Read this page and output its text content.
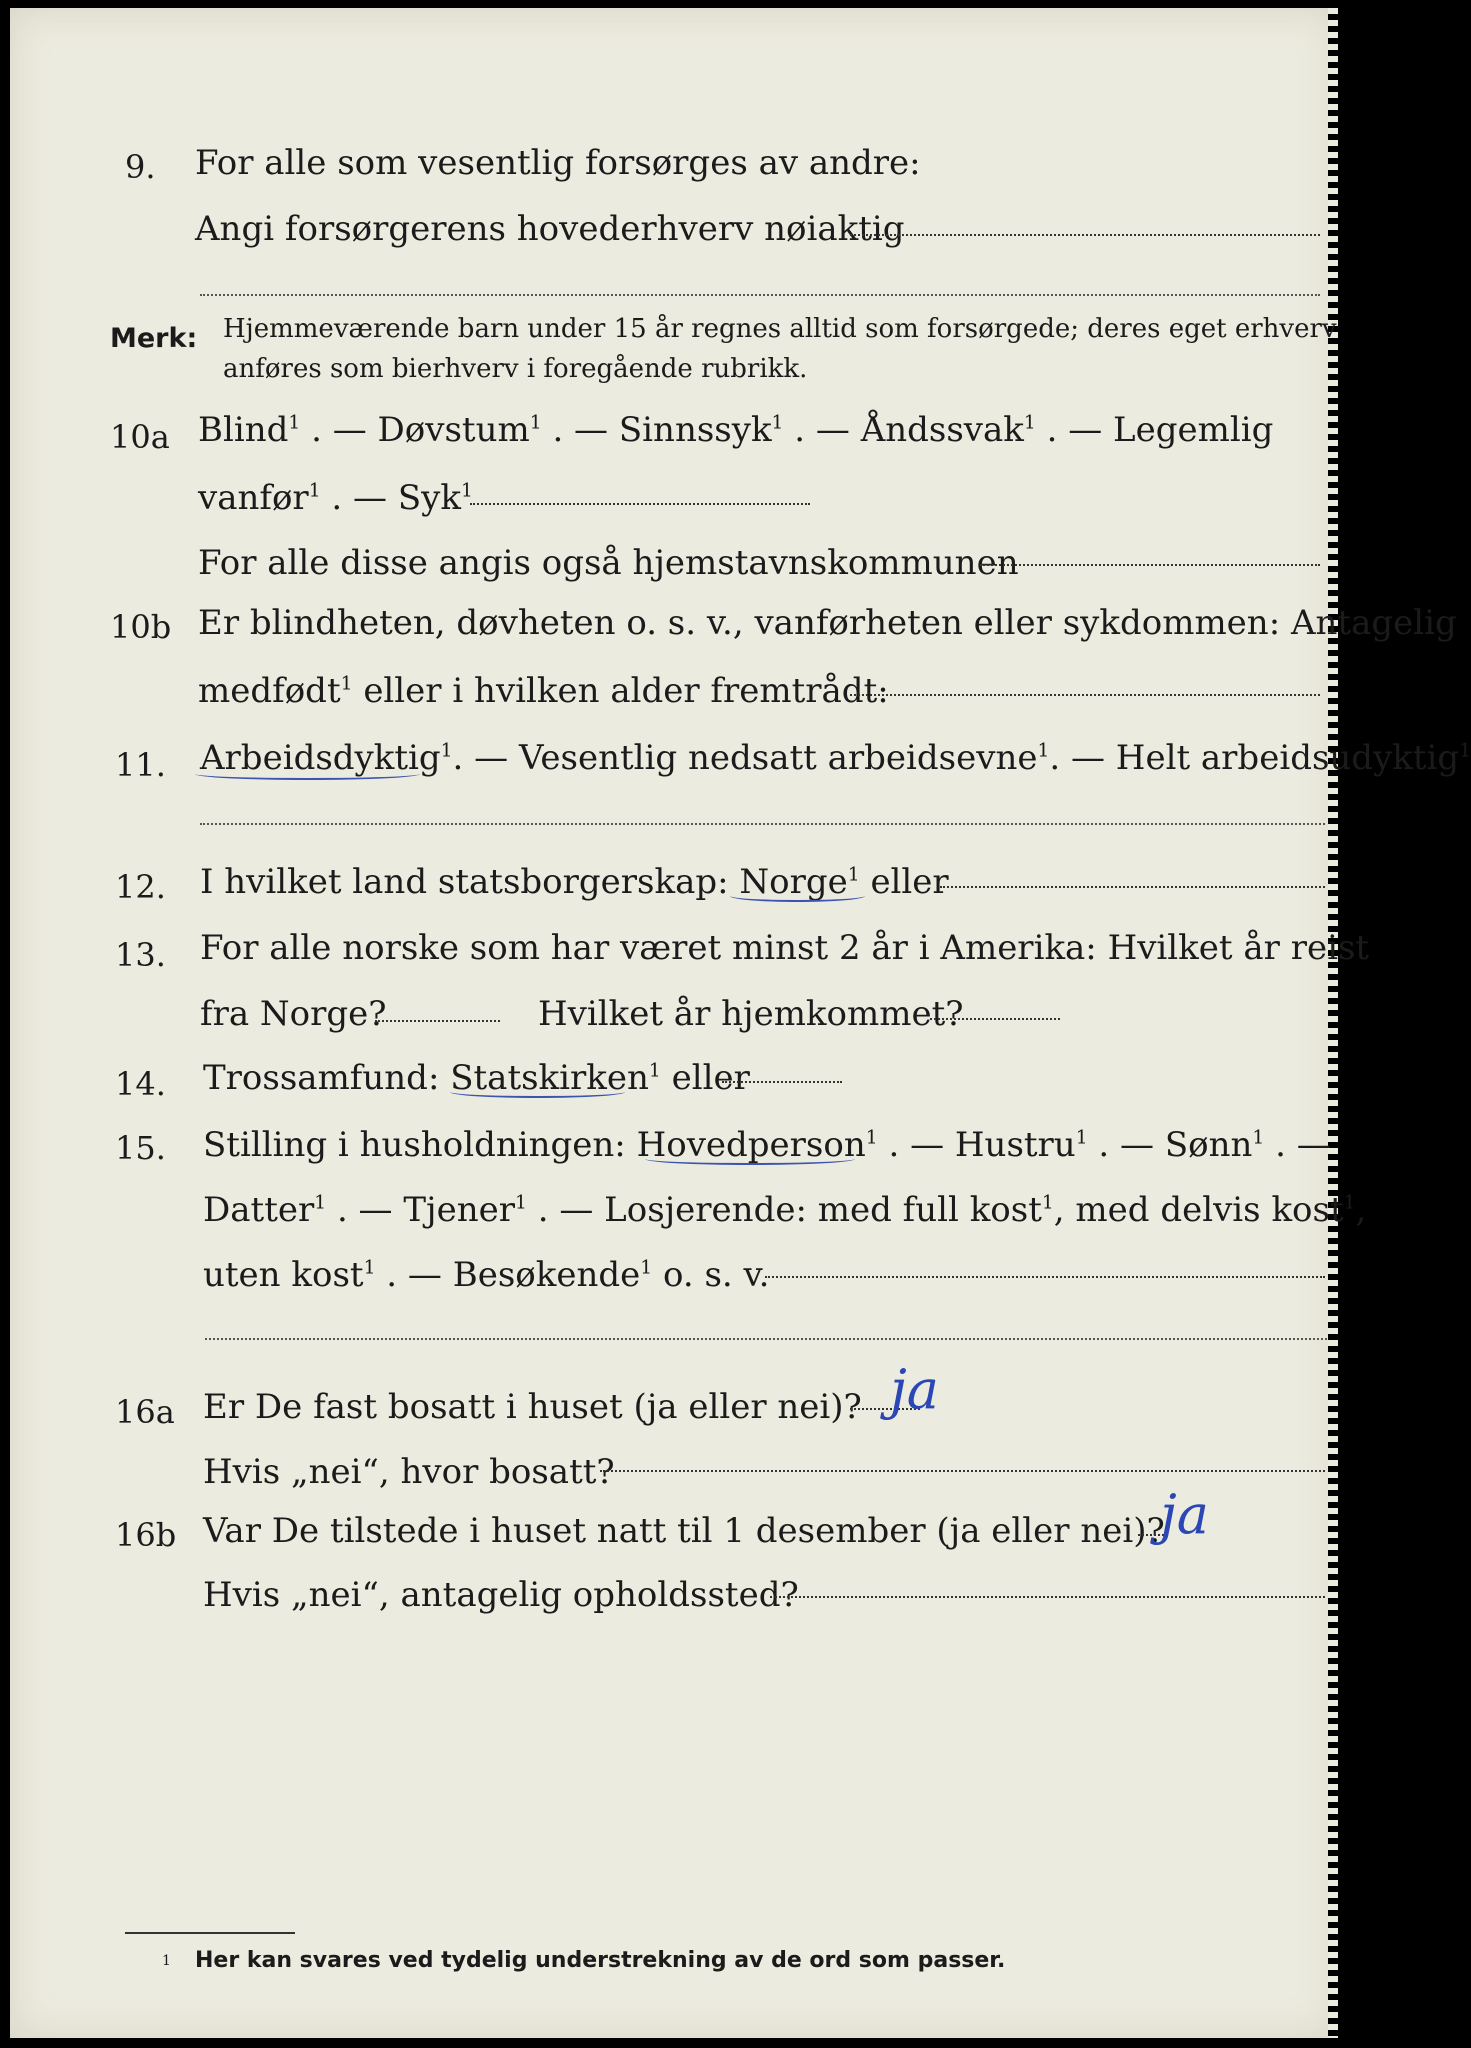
9. For alle som vesentlig forsørges av andre:
Angi forsørgerens hovederhverv nøiaktig
Merk: Hjemmeværende barn under 15 år regnes alltid som forsørgede; deres eget erhverv
anføres som bierhverv i foregående rubrikk.
10a Blind$^1$ . — Døvstum$^1$ . — Sinnssyk$^1$ . — Åndssvak$^1$ . — Legemlig
vanfør$^1$ . — Syk$^1$
For alle disse angis også hjemstavnskommunen
10b Er blindheten, døvheten o. s. v., vanførheten eller sykdommen: Antagelig
medfødt$^1$ eller i hvilken alder fremtrådt:
11. Arbeidsdyktig$^1$. — Vesentlig nedsatt arbeidsevne$^1$. — Helt arbeidsudyktig$^1$
12. I hvilket land statsborgerskap: Norge$^1$ eller
13. For alle norske som har været minst 2 år i Amerika: Hvilket år reist
fra Norge?	Hvilket år hjemkommet?
14. Trossamfund: Statskirken$^1$ eller
15. Stilling i husholdningen: Hovedperson$^1$ . — Hustru$^1$ . — Sønn$^1$ . —
Datter$^1$ . — Tjener$^1$ . — Losjerende: med full kost$^1$, med delvis kost$^1$,
uten kost$^1$ . — Besøkende$^1$ o. s. v.
16a Er De fast bosatt i huset (ja eller nei)? ja
Hvis „nei“, hvor bosatt?
16b Var De tilstede i huset natt til 1 desember (ja eller nei)?
ja
Hvis „nei“, antagelig opholdssted?
1 Her kan svares ved tydelig understrekning av de ord som passer.
